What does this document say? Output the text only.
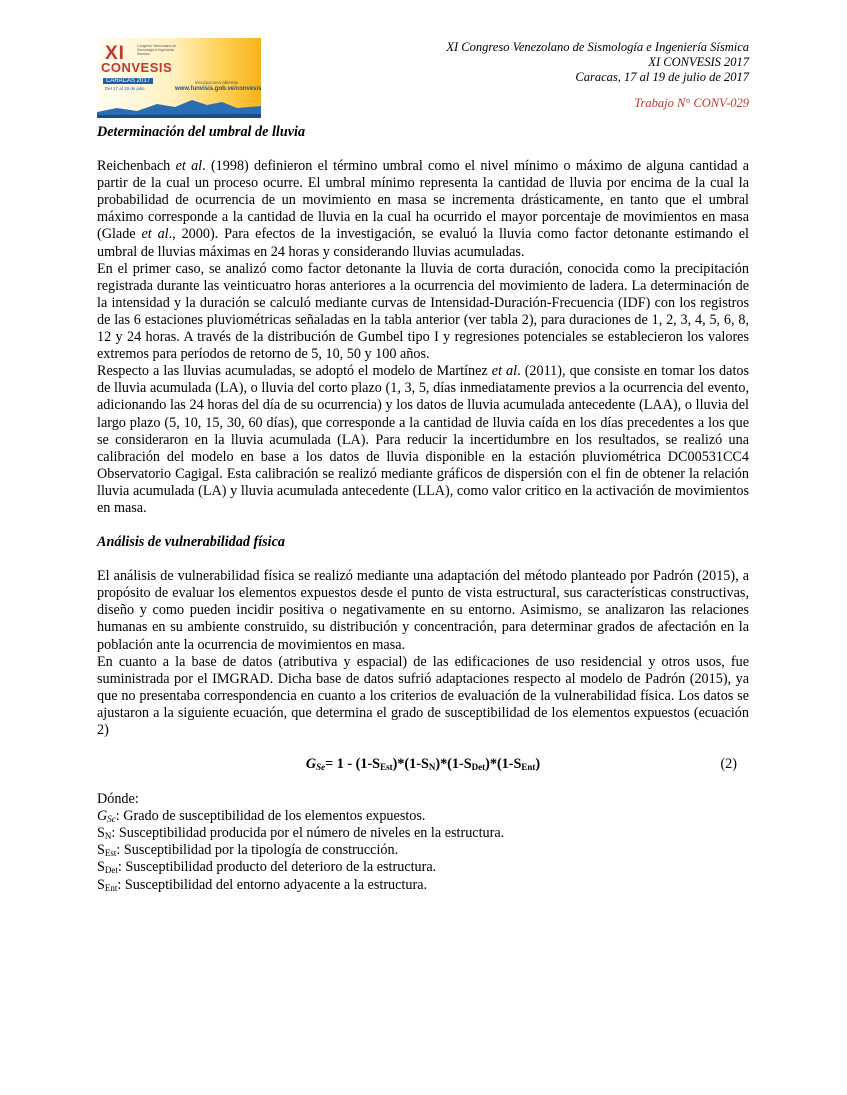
XI	Congreso Venezolano de Sismología e Ingeniería Sísmica
CONVESIS
CARACAS 2017
Del 17 al 19 de julio
inscripciones abiertas
www.funvisis.gob.ve/convesis
XI Congreso Venezolano de Sismología e Ingeniería Sísmica
XI CONVESIS 2017
Caracas, 17 al 19 de julio de 2017
Trabajo N° CONV-029
Determinación del umbral de lluvia

Reichenbach et al. (1998) definieron el término umbral como el nivel mínimo o máximo de alguna cantidad a partir de la cual un proceso ocurre. El umbral mínimo representa la cantidad de lluvia por encima de la cual la probabilidad de ocurrencia de un movimiento en masa se incrementa drásticamente, en tanto que el umbral máximo corresponde a la cantidad de lluvia en la cual ha ocurrido el mayor porcentaje de movimientos en masa (Glade et al., 2000). Para efectos de la investigación, se evaluó la lluvia como factor detonante estimando el umbral de lluvias máximas en 24 horas y considerando lluvias acumuladas.

En el primer caso, se analizó como factor detonante la lluvia de corta duración, conocida como la precipitación registrada durante las veinticuatro horas anteriores a la ocurrencia del movimiento de ladera. La determinación de la intensidad y la duración se calculó mediante curvas de Intensidad-Duración-Frecuencia (IDF) con los registros de las 6 estaciones pluviométricas señaladas en la tabla anterior (ver tabla 2), para duraciones de 1, 2, 3, 4, 5, 6, 8, 12 y 24 horas. A través de la distribución de Gumbel tipo I y regresiones potenciales se establecieron los valores extremos para períodos de retorno de 5, 10, 50 y 100 años.

Respecto a las lluvias acumuladas, se adoptó el modelo de Martínez et al. (2011), que consiste en tomar los datos de lluvia acumulada (LA), o lluvia del corto plazo (1, 3, 5, días inmediatamente previos a la ocurrencia del evento, adicionando las 24 horas del día de su ocurrencia) y los datos de lluvia acumulada antecedente (LAA), o lluvia del largo plazo (5, 10, 15, 30, 60 días), que corresponde a la cantidad de lluvia caída en los días precedentes a los que se consideraron en la lluvia acumulada (LA). Para reducir la incertidumbre en los resultados, se realizó una calibración del modelo en base a los datos de lluvia disponible en la estación pluviométrica DC00531CC4 Observatorio Cagigal. Esta calibración se realizó mediante gráficos de dispersión con el fin de obtener la relación lluvia acumulada (LA) y lluvia acumulada antecedente (LLA), como valor critico en la activación de movimientos en masa.

Análisis de vulnerabilidad física

El análisis de vulnerabilidad física se realizó mediante una adaptación del método planteado por Padrón (2015), a propósito de evaluar los elementos expuestos desde el punto de vista estructural, sus características constructivas, diseño y como pueden incidir positiva o negativamente en su entorno. Asimismo, se analizaron las relaciones humanas en su ambiente construido, su distribución y concentración, para determinar grados de afectación en la población ante la ocurrencia de movimientos en masa.

En cuanto a la base de datos (atributiva y espacial) de las edificaciones de uso residencial y otros usos, fue suministrada por el IMGRAD. Dicha base de datos sufrió adaptaciones respecto al modelo de Padrón (2015), ya que no presentaba correspondencia en cuanto a los criterios de evaluación de la vulnerabilidad física. Los datos se ajustaron a la siguiente ecuación, que determina el grado de susceptibilidad de los elementos expuestos (ecuación 2)

$G_{Se}= 1 - (1-S_{Est})*(1-S_N)*(1-S_{Det})*(1-S_{Ent})$	(2)
Dónde:
$G_{Sc}$: Grado de susceptibilidad de los elementos expuestos.
$S_N$: Susceptibilidad producida por el número de niveles en la estructura.
$S_{Est}$: Susceptibilidad por la tipología de construcción.
$S_{Det}$: Susceptibilidad producto del deterioro de la estructura.
$S_{Ent}$: Susceptibilidad del entorno adyacente a la estructura.
